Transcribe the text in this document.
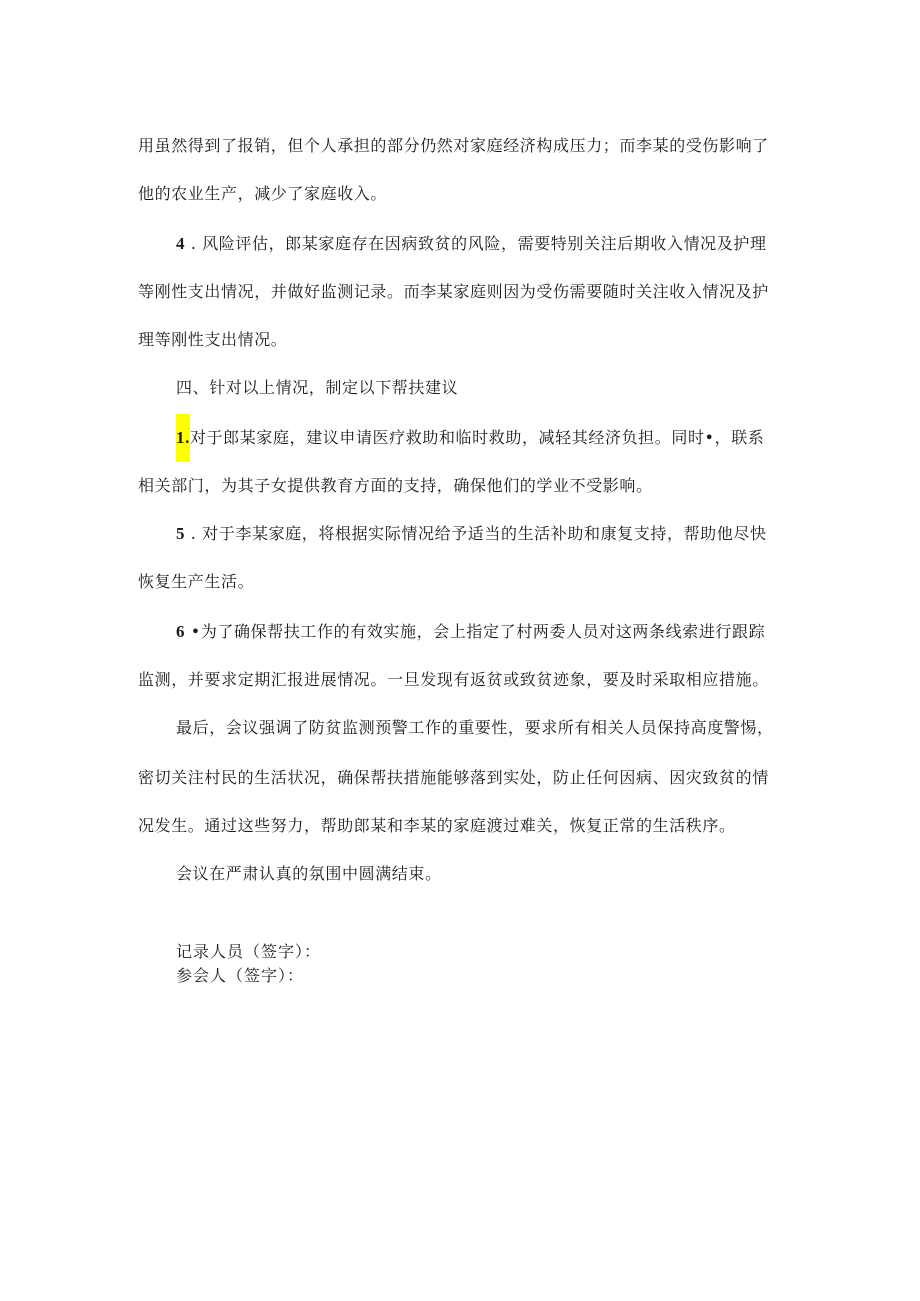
用虽然得到了报销，但个人承担的部分仍然对家庭经济构成压力；而李某的受伤影响了
他的农业生产，减少了家庭收入。
4 . 风险评估，郎某家庭存在因病致贫的风险，需要特别关注后期收入情况及护理
等刚性支出情况，并做好监测记录。而李某家庭则因为受伤需要随时关注收入情况及护
理等刚性支出情况。
四、针对以上情况，制定以下帮扶建议
1.对于郎某家庭，建议申请医疗救助和临时救助，减轻其经济负担。同时•，联系
相关部门，为其子女提供教育方面的支持，确保他们的学业不受影响。
5 . 对于李某家庭，将根据实际情况给予适当的生活补助和康复支持，帮助他尽快
恢复生产生活。
6 •为了确保帮扶工作的有效实施，会上指定了村两委人员对这两条线索进行跟踪
监测，并要求定期汇报进展情况。一旦发现有返贫或致贫迹象，要及时采取相应措施。
最后，会议强调了防贫监测预警工作的重要性，要求所有相关人员保持高度警惕，
密切关注村民的生活状况，确保帮扶措施能够落到实处，防止任何因病、因灾致贫的情
况发生。通过这些努力，帮助郎某和李某的家庭渡过难关，恢复正常的生活秩序。
会议在严肃认真的氛围中圆满结束。
记录人员（签字）：
参会人（签字）：
